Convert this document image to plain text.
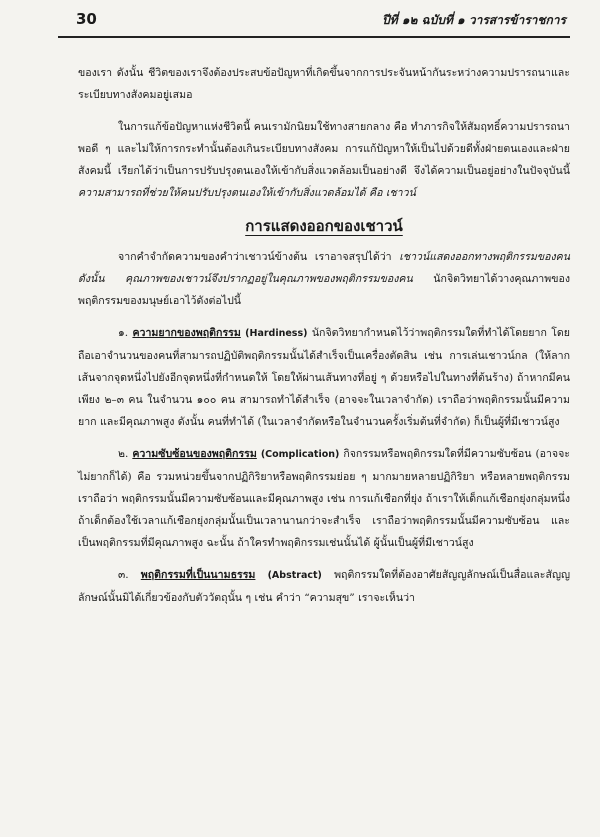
30	ปีที่ ๑๒ ฉบับที่ ๑ วารสารข้าราชการ

ของเรา ดังนั้น ชีวิตของเราจึงต้องประสบข้อปัญหาที่เกิดขึ้นจากการประจันหน้ากันระหว่างความปรารถนาและระเบียบทางสังคมอยู่เสมอ

ในการแก้ข้อปัญหาแห่งชีวิตนี้ คนเรามักนิยมใช้ทางสายกลาง คือ ทำภารกิจให้สัมฤทธิ์ความปรารถนาพอดี ๆ และไม่ให้การกระทำนั้นต้องเกินระเบียบทางสังคม การแก้ปัญหาให้เป็นไปด้วยดีทั้งฝ่ายตนเองและฝ่ายสังคมนี้ เรียกได้ว่าเป็นการปรับปรุงตนเองให้เข้ากับสิ่งแวดล้อมเป็นอย่างดี จึงได้ความเป็นอยู่อย่างในปัจจุบันนี้ ความสามารถที่ช่วยให้คนปรับปรุงตนเองให้เข้ากับสิ่งแวดล้อมได้ คือ เชาวน์

การแสดงออกของเชาวน์

จากคำจำกัดความของคำว่าเชาวน์ข้างต้น เราอาจสรุปได้ว่า เชาวน์แสดงออกทางพฤติกรรมของคน ดังนั้น คุณภาพของเชาวน์จึงปรากฏอยู่ในคุณภาพของพฤติกรรมของคน นักจิตวิทยาได้วางคุณภาพของพฤติกรรมของมนุษย์เอาไว้ดังต่อไปนี้

๑. ความยากของพฤติกรรม (Hardiness) นักจิตวิทยากำหนดไว้ว่าพฤติกรรมใดที่ทำได้โดยยาก โดยถือเอาจำนวนของคนที่สามารถปฏิบัติพฤติกรรมนั้นได้สำเร็จเป็นเครื่องตัดสิน เช่น การเล่นเชาวน์กล (ให้ลากเส้นจากจุดหนึ่งไปยังอีกจุดหนึ่งที่กำหนดให้ โดยให้ผ่านเส้นทางที่อยู่ ๆ ด้วยหรือไปในทางที่ต้นร้าง) ถ้าหากมีคนเพียง ๒–๓ คน ในจำนวน ๑๐๐ คน สามารถทำได้สำเร็จ (อาจจะในเวลาจำกัด) เราถือว่าพฤติกรรมนั้นมีความยาก และมีคุณภาพสูง ดังนั้น คนที่ทำได้ (ในเวลาจำกัดหรือในจำนวนครั้งเริ่มต้นที่จำกัด) ก็เป็นผู้ที่มีเชาวน์สูง

๒. ความซับซ้อนของพฤติกรรม (Complication) กิจกรรมหรือพฤติกรรมใดที่มีความซับซ้อน (อาจจะไม่ยากก็ได้) คือ รวมหน่วยขึ้นจากปฏิกิริยาหรือพฤติกรรมย่อย ๆ มากมายหลายปฏิกิริยา หรือหลายพฤติกรรม เราถือว่า พฤติกรรมนั้นมีความซับซ้อนและมีคุณภาพสูง เช่น การแก้เชือกที่ยุ่ง ถ้าเราให้เด็กแก้เชือกยุ่งกลุ่มหนึ่ง ถ้าเด็กต้องใช้เวลาแก้เชือกยุ่งกลุ่มนั้นเป็นเวลานานกว่าจะสำเร็จ เราถือว่าพฤติกรรมนั้นมีความซับซ้อน และเป็นพฤติกรรมที่มีคุณภาพสูง ฉะนั้น ถ้าใครทำพฤติกรรมเช่นนั้นได้ ผู้นั้นเป็นผู้ที่มีเชาวน์สูง

๓. พฤติกรรมที่เป็นนามธรรม (Abstract) พฤติกรรมใดที่ต้องอาศัยสัญญลักษณ์เป็นสื่อและสัญญลักษณ์นั้นมิได้เกี่ยวข้องกับตัววัตถุนั้น ๆ เช่น คำว่า “ความสุข” เราจะเห็นว่า
